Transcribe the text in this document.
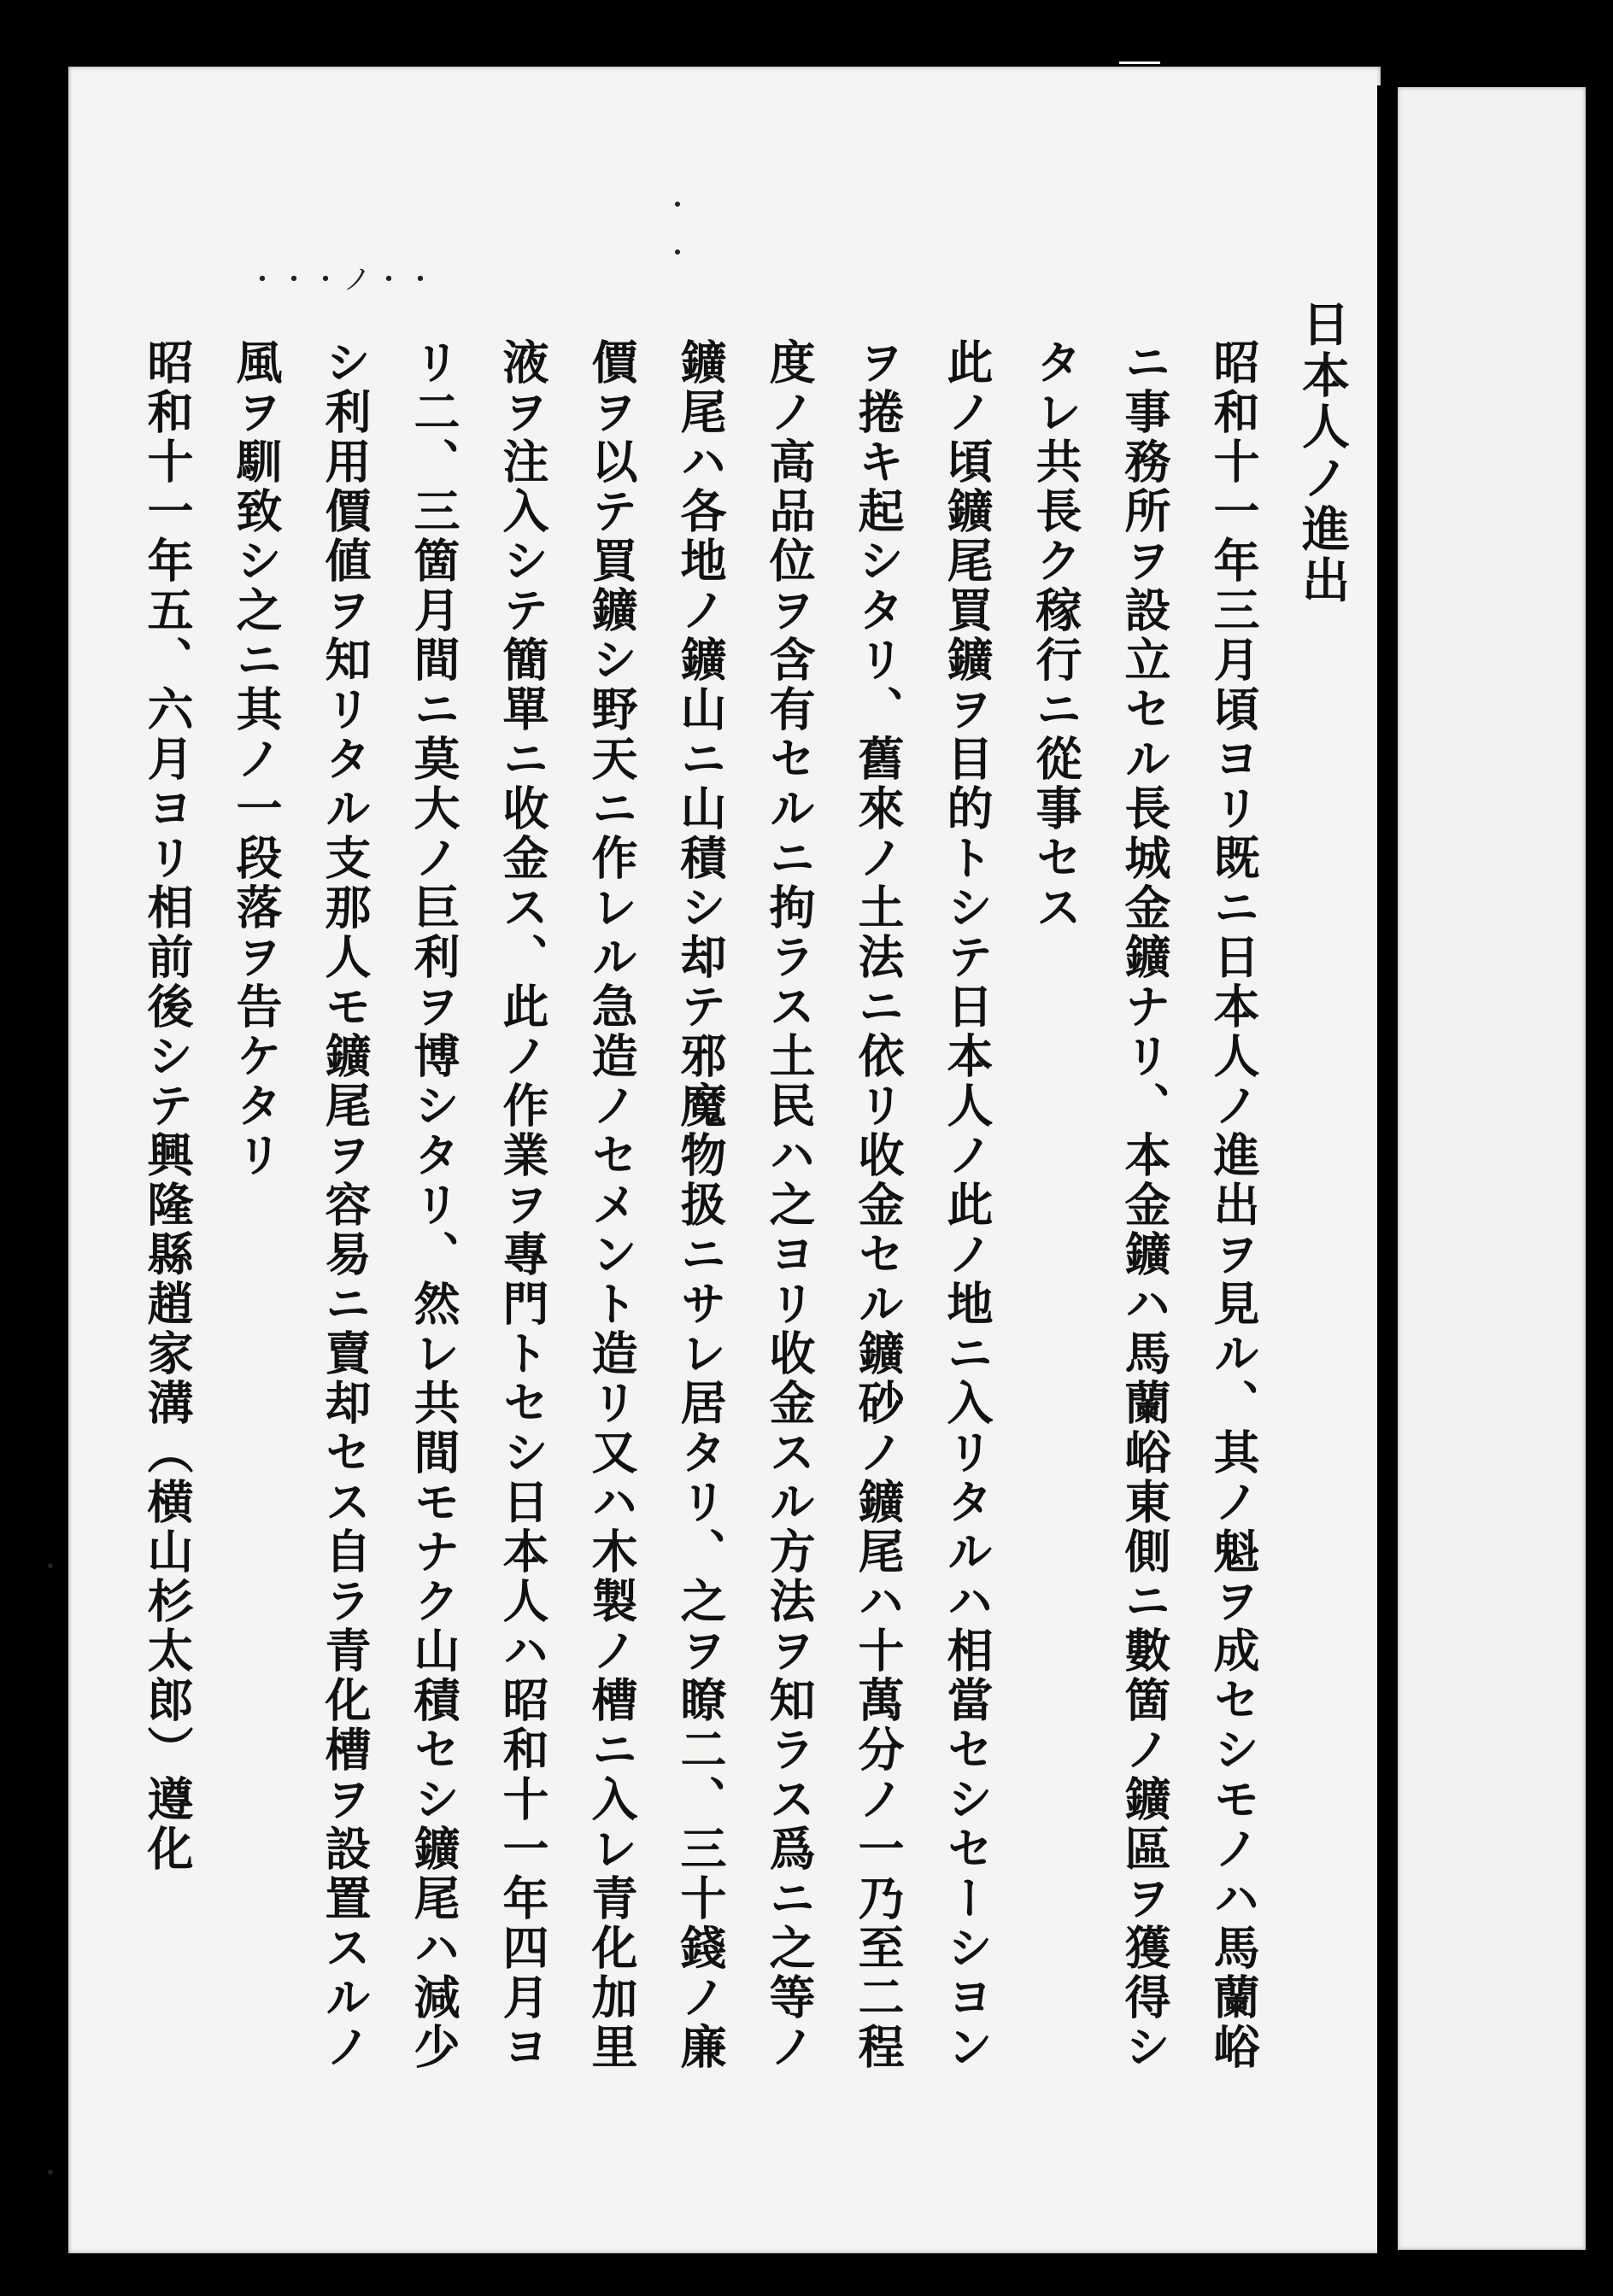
・・・ノ・・
日本人ノ進出
昭和十一年三月頃ヨリ既ニ日本人ノ進出ヲ見ル、其ノ魁ヲ成セシモノハ馬蘭峪ニ事務所ヲ設立セル長城金鑛ナリ、本金鑛ハ馬蘭峪東側ニ數箇ノ鑛區ヲ獲得シタレ共長ク稼行ニ從事セス
此ノ頃鑛尾買鑛ヲ目的トシテ日本人ノ此ノ地ニ入リタルハ相當セシセーシヨンヲ捲キ起シタリ、舊來ノ土法ニ依リ收金セル鑛砂ノ鑛尾ハ十萬分ノ一乃至二程度ノ高品位ヲ含有セルニ拘ラス土民ハ之ヨリ收金スル方法ヲ知ラス爲ニ之等ノ鑛尾ハ各地ノ鑛山ニ山積シ却テ邪魔物扱ニサレ居タリ、之ヲ瞭二、三十錢ノ廉價ヲ以テ買鑛シ野天ニ作レル急造ノセメント造リ又ハ木製ノ槽ニ入レ青化加里液ヲ注入シテ簡單ニ收金ス、此ノ作業ヲ專門トセシ日本人ハ昭和十一年四月ヨリ二、三箇月間ニ莫大ノ巨利ヲ博シタリ、然レ共間モナク山積セシ鑛尾ハ減少シ利用價値ヲ知リタル支那人モ鑛尾ヲ容易ニ賣却セス自ラ青化槽ヲ設置スルノ風ヲ馴致シ之ニ其ノ一段落ヲ告ケタリ
昭和十一年五、六月ヨリ相前後シテ興隆縣趙家溝（横山杉太郎）遵化
